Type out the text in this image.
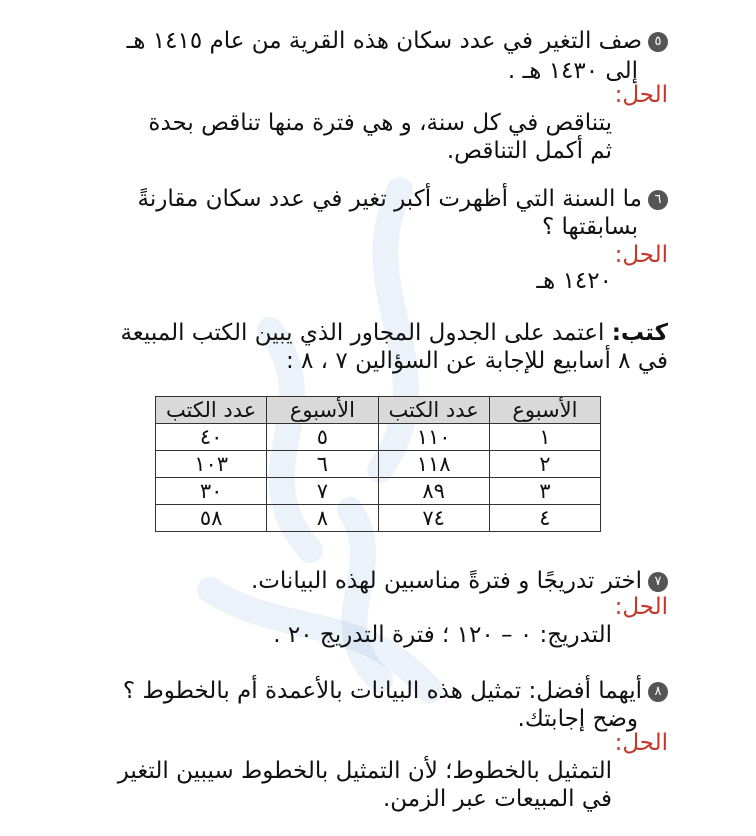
٥صف التغير في عدد سكان هذه القرية من عام ١٤١٥ هـ
إلى ١٤٣٠ هـ .
الحل:
يتناقص في كل سنة، و هي فترة منها تناقص بحدة
ثم أكمل التناقص.
٦ما السنة التي أظهرت أكبر تغير في عدد سكان مقارنةً
بسابقتها ؟
الحل:
١٤٢٠ هـ
كتب: اعتمد على الجدول المجاور الذي يبين الكتب المبيعة
في ٨ أسابيع للإجابة عن السؤالين ٧ ، ٨ :
الأسبوع	عدد الكتب	الأسبوع	عدد الكتب
١	١١٠	٥	٤٠
٢	١١٨	٦	١٠٣
٣	٨٩	٧	٣٠
٤	٧٤	٨	٥٨
٧اختر تدريجًا و فترةً مناسبين لهذه البيانات.
الحل:
التدريج: ٠ – ١٢٠ ؛ فترة التدريج ٢٠ .
٨أيهما أفضل: تمثيل هذه البيانات بالأعمدة أم بالخطوط ؟
وضح إجابتك.
الحل:
التمثيل بالخطوط؛ لأن التمثيل بالخطوط سيبين التغير
في المبيعات عبر الزمن.
